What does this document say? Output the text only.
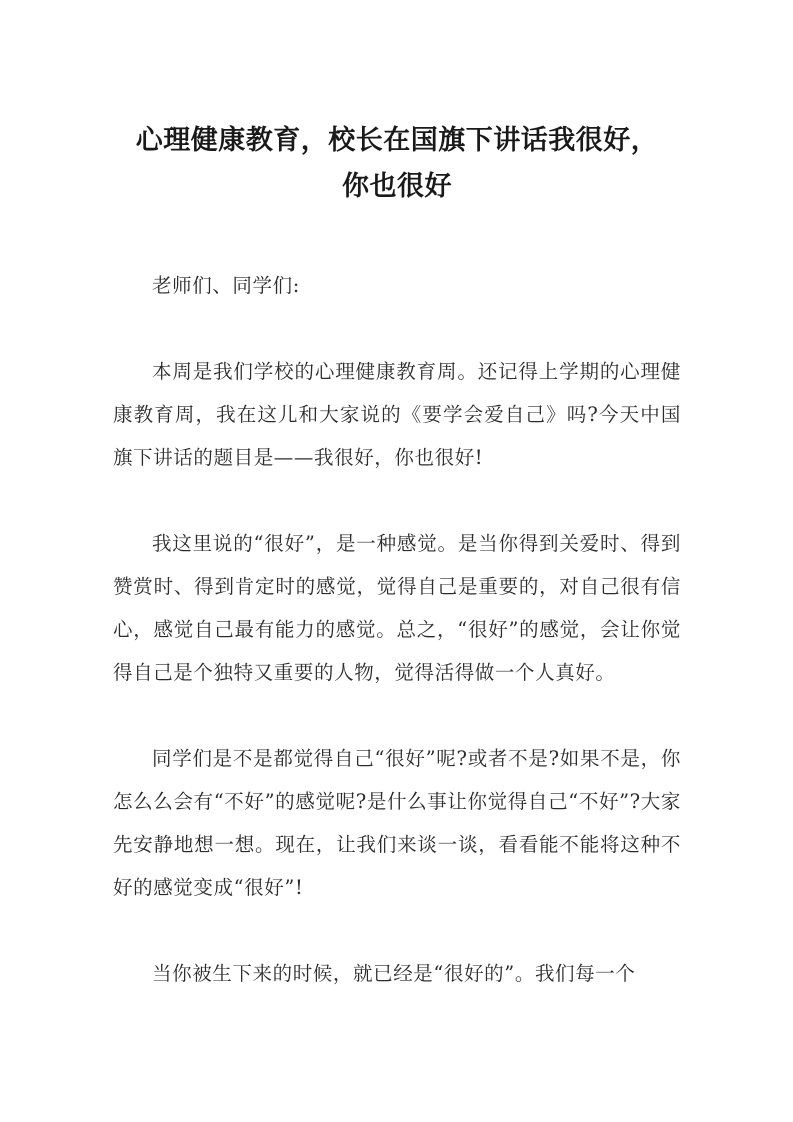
心理健康教育，校长在国旗下讲话我很好，
你也很好

老师们、同学们:

本周是我们学校的心理健康教育周。还记得上学期的心理健康教育周，我在这儿和大家说的《要学会爱自己》吗?今天中国旗下讲话的题目是——我很好，你也很好!

我这里说的“很好”，是一种感觉。是当你得到关爱时、得到赞赏时、得到肯定时的感觉，觉得自己是重要的，对自己很有信心，感觉自己最有能力的感觉。总之，“很好”的感觉，会让你觉得自己是个独特又重要的人物，觉得活得做一个人真好。

同学们是不是都觉得自己“很好”呢?或者不是?如果不是，你怎么么会有“不好”的感觉呢?是什么事让你觉得自己“不好”?大家先安静地想一想。现在，让我们来谈一谈，看看能不能将这种不好的感觉变成“很好”!

当你被生下来的时候，就已经是“很好的”。我们每一个
